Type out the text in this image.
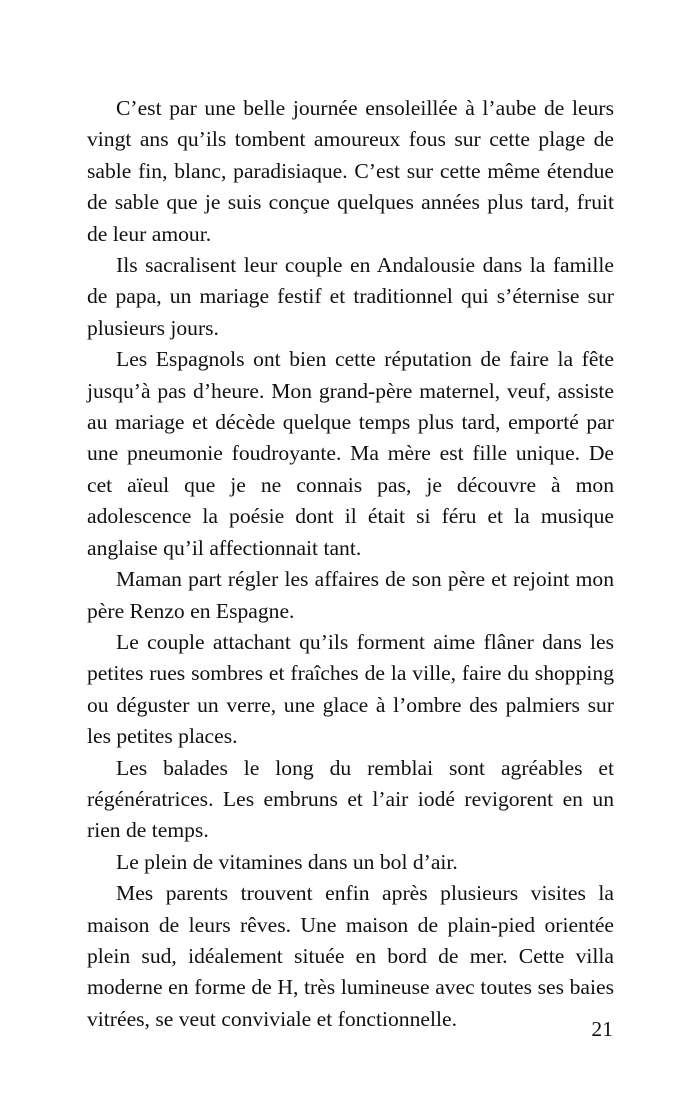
C’est par une belle journée ensoleillée à l’aube de leurs vingt ans qu’ils tombent amoureux fous sur cette plage de sable fin, blanc, paradisiaque. C’est sur cette même étendue de sable que je suis conçue quelques années plus tard, fruit de leur amour.

Ils sacralisent leur couple en Andalousie dans la famille de papa, un mariage festif et traditionnel qui s’éternise sur plusieurs jours.

Les Espagnols ont bien cette réputation de faire la fête jusqu’à pas d’heure. Mon grand-père maternel, veuf, assiste au mariage et décède quelque temps plus tard, emporté par une pneumonie foudroyante. Ma mère est fille unique. De cet aïeul que je ne connais pas, je découvre à mon adolescence la poésie dont il était si féru et la musique anglaise qu’il affectionnait tant.

Maman part régler les affaires de son père et rejoint mon père Renzo en Espagne.

Le couple attachant qu’ils forment aime flâner dans les petites rues sombres et fraîches de la ville, faire du shopping ou déguster un verre, une glace à l’ombre des palmiers sur les petites places.

Les balades le long du remblai sont agréables et régénératrices. Les embruns et l’air iodé revigorent en un rien de temps.

Le plein de vitamines dans un bol d’air.

Mes parents trouvent enfin après plusieurs visites la maison de leurs rêves. Une maison de plain-pied orientée plein sud, idéalement située en bord de mer. Cette villa moderne en forme de H, très lumineuse avec toutes ses baies vitrées, se veut conviviale et fonctionnelle.	21
